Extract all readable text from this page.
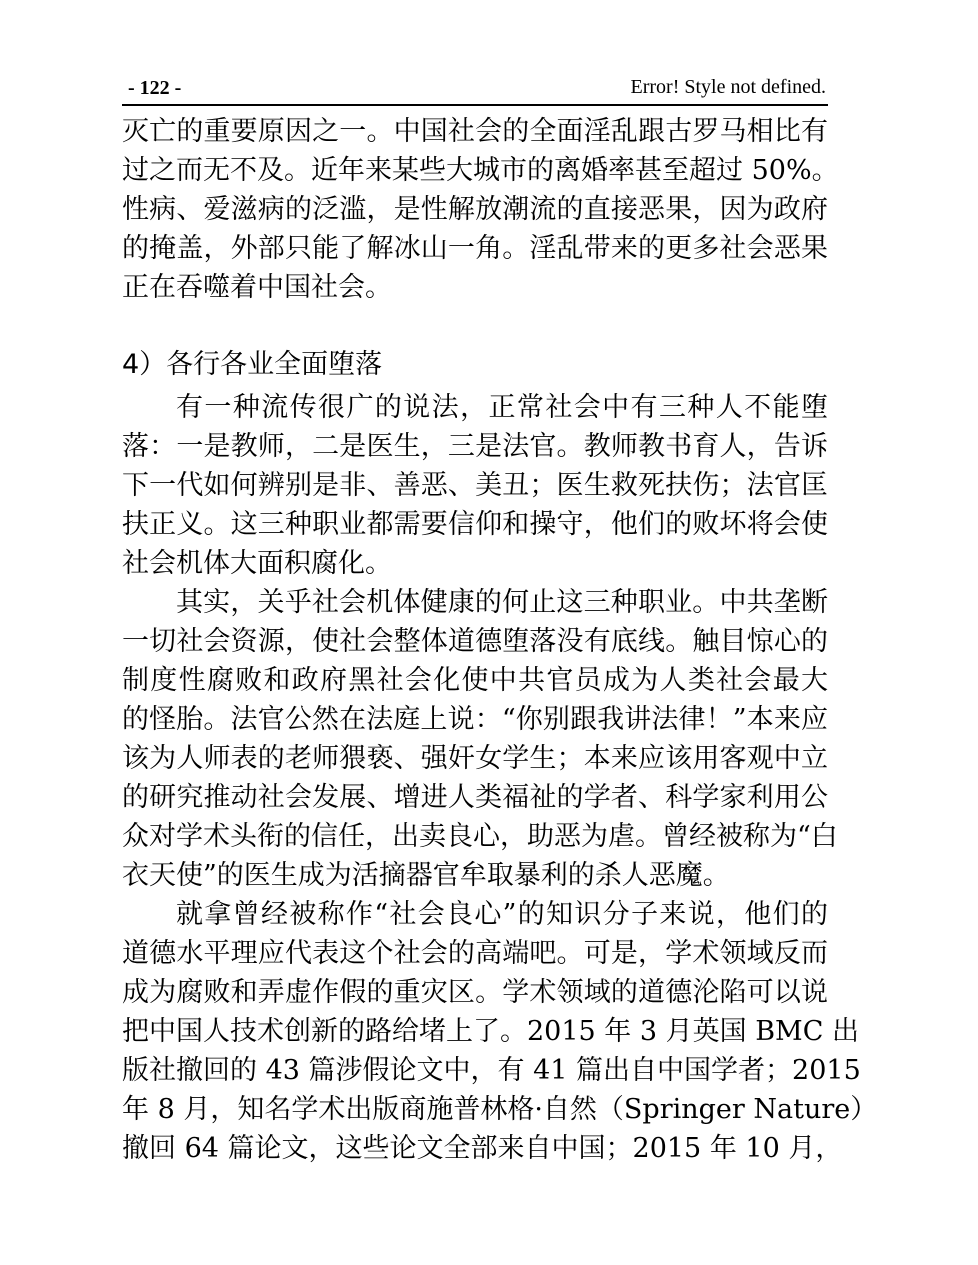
- 122 -	Error! Style not defined.
灭亡的重要原因之一。中国社会的全面淫乱跟古罗马相比有
过之而无不及。近年来某些大城市的离婚率甚至超过 50%。
性病、爱滋病的泛滥，是性解放潮流的直接恶果，因为政府
的掩盖，外部只能了解冰山一角。淫乱带来的更多社会恶果
正在吞噬着中国社会。
4）各行各业全面堕落
有一种流传很广的说法，正常社会中有三种人不能堕
落：一是教师，二是医生，三是法官。教师教书育人，告诉
下一代如何辨别是非、善恶、美丑；医生救死扶伤；法官匡
扶正义。这三种职业都需要信仰和操守，他们的败坏将会使
社会机体大面积腐化。
其实，关乎社会机体健康的何止这三种职业。中共垄断
一切社会资源，使社会整体道德堕落没有底线。触目惊心的
制度性腐败和政府黑社会化使中共官员成为人类社会最大
的怪胎。法官公然在法庭上说：“你别跟我讲法律！”本来应
该为人师表的老师猥亵、强奸女学生；本来应该用客观中立
的研究推动社会发展、增进人类福祉的学者、科学家利用公
众对学术头衔的信任，出卖良心，助恶为虐。曾经被称为“白
衣天使”的医生成为活摘器官牟取暴利的杀人恶魔。
就拿曾经被称作“社会良心”的知识分子来说，他们的
道德水平理应代表这个社会的高端吧。可是，学术领域反而
成为腐败和弄虚作假的重灾区。学术领域的道德沦陷可以说
把中国人技术创新的路给堵上了。2015 年 3 月英国 BMC 出
版社撤回的 43 篇涉假论文中，有 41 篇出自中国学者；2015
年 8 月，知名学术出版商施普林格·自然（Springer Nature）
撤回 64 篇论文，这些论文全部来自中国；2015 年 10 月，
